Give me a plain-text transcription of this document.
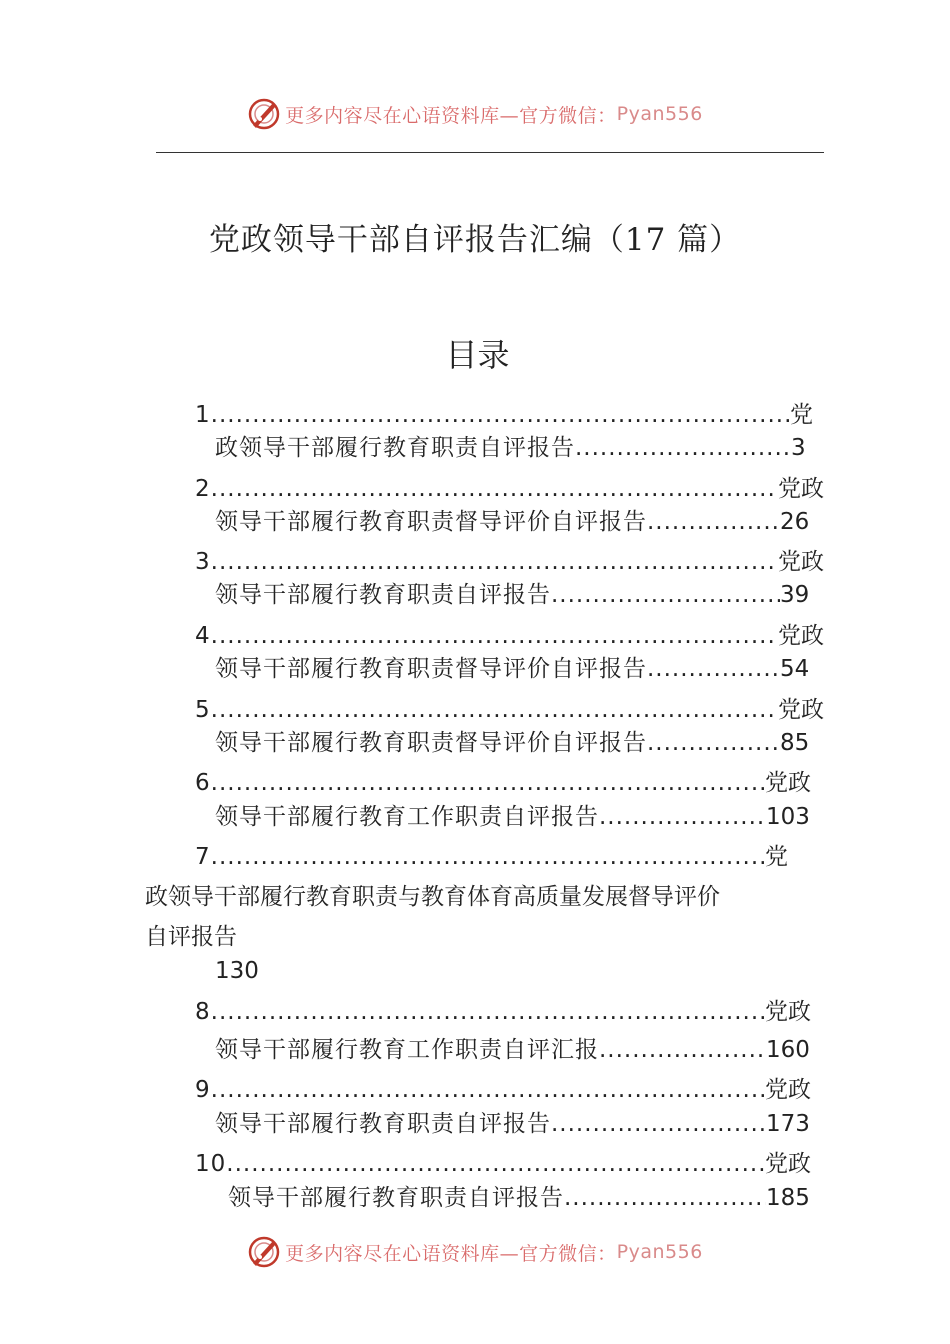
更多内容尽在心语资料库—官方微信： Pyan556
党政领导干部自评报告汇编（17 篇）
目录
1 .....	党
政领导干部履行教育职责自评报告 .....	3
2 .....	党政
领导干部履行教育职责督导评价自评报告 .....	26
3 .....	党政
领导干部履行教育职责自评报告 .....	39
4 .....	党政
领导干部履行教育职责督导评价自评报告 .....	54
5 .....	党政
领导干部履行教育职责督导评价自评报告 .....	85
6 .....	党政
领导干部履行教育工作职责自评报告 .....	103
7 .....	党
政领导干部履行教育职责与教育体育高质量发展督导评价
自评报告
130
8 .....	党政
领导干部履行教育工作职责自评汇报 .....	160
9 .....	党政
领导干部履行教育职责自评报告 .....	173
10 .....	党政
领导干部履行教育职责自评报告 .....	185
更多内容尽在心语资料库—官方微信： Pyan556
